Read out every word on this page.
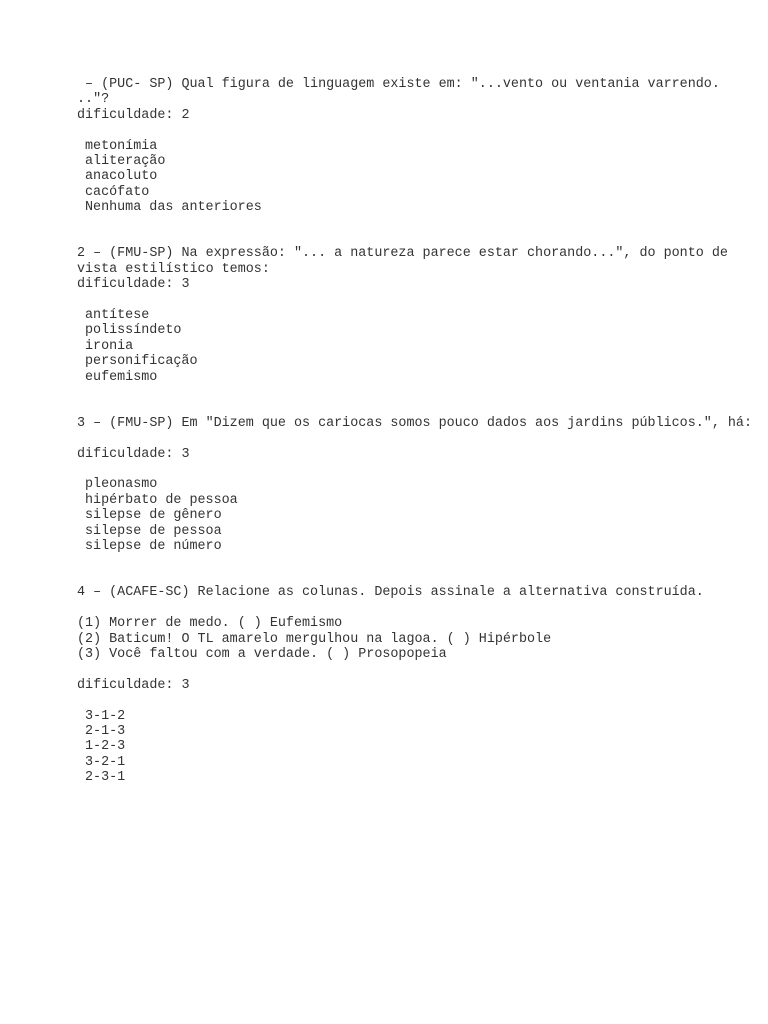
– (PUC- SP) Qual figura de linguagem existe em: "...vento ou ventania varrendo.

.."?

dificuldade: 2

metonímia

aliteração

anacoluto

cacófato

Nenhuma das anteriores

2 – (FMU-SP) Na expressão: "... a natureza parece estar chorando...", do ponto de

vista estilístico temos:

dificuldade: 3

antítese

polissíndeto

ironia

personificação

eufemismo

3 – (FMU-SP) Em "Dizem que os cariocas somos pouco dados aos jardins públicos.", há:

dificuldade: 3

pleonasmo

hipérbato de pessoa

silepse de gênero

silepse de pessoa

silepse de número

4 – (ACAFE-SC) Relacione as colunas. Depois assinale a alternativa construída.

(1) Morrer de medo. ( ) Eufemismo

(2) Baticum! O TL amarelo mergulhou na lagoa. ( ) Hipérbole

(3) Você faltou com a verdade. ( ) Prosopopeia

dificuldade: 3

3-1-2

2-1-3

1-2-3

3-2-1

2-3-1
